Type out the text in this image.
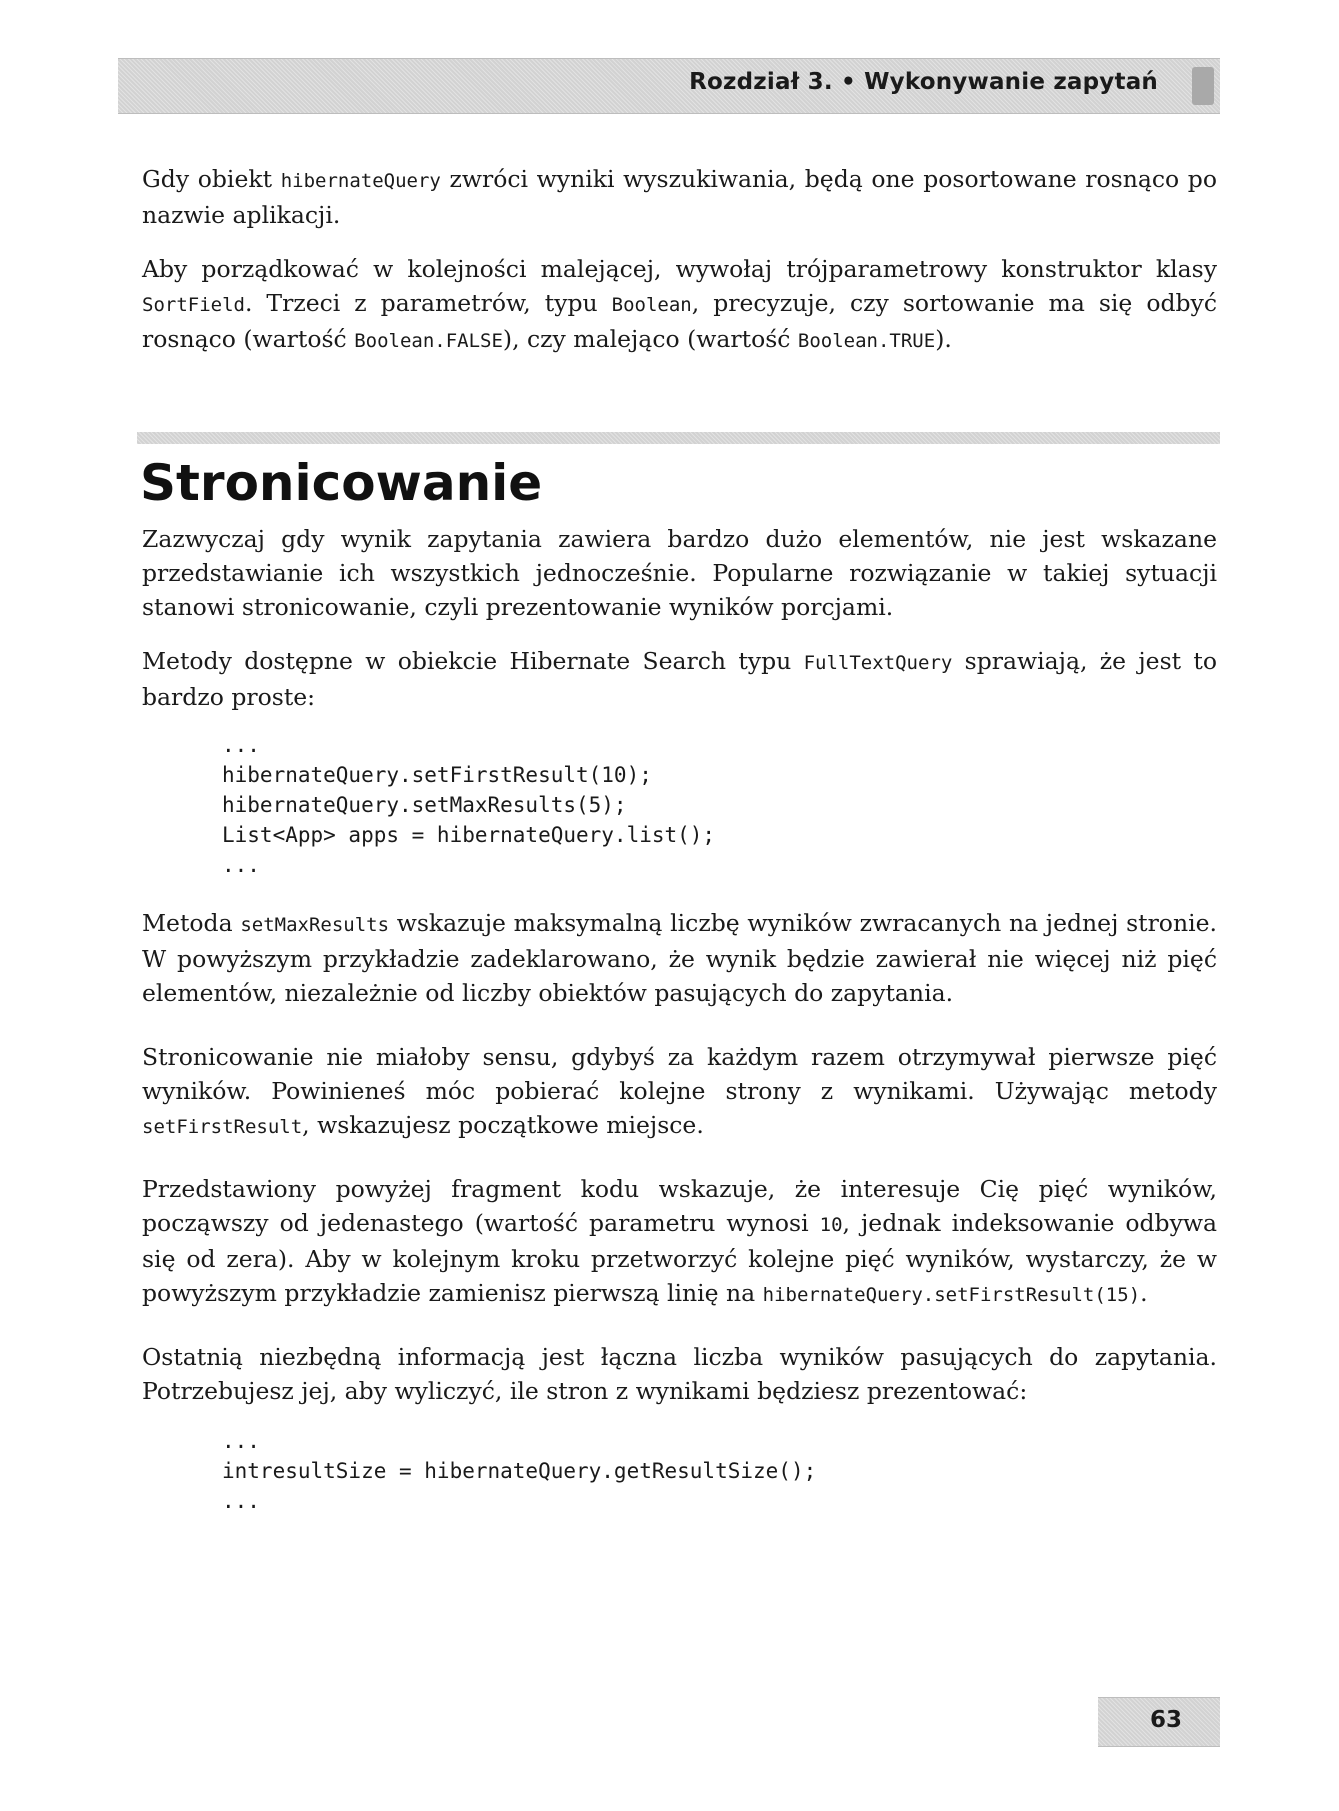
Rozdział 3. • Wykonywanie zapytań

Gdy obiekt hibernateQuery zwróci wyniki wyszukiwania, będą one posortowane rosnąco po nazwie aplikacji.

Aby porządkować w kolejności malejącej, wywołaj trójparametrowy konstruktor klasy SortField. Trzeci z parametrów, typu Boolean, precyzuje, czy sortowanie ma się odbyć rosnąco (wartość Boolean.FALSE), czy malejąco (wartość Boolean.TRUE).

Stronicowanie

Zazwyczaj gdy wynik zapytania zawiera bardzo dużo elementów, nie jest wskazane przedstawianie ich wszystkich jednocześnie. Popularne rozwiązanie w takiej sytuacji stanowi stronicowanie, czyli prezentowanie wyników porcjami.

Metody dostępne w obiekcie Hibernate Search typu FullTextQuery sprawiają, że jest to bardzo proste:

...
hibernateQuery.setFirstResult(10);
hibernateQuery.setMaxResults(5);
List<App> apps = hibernateQuery.list();
...

Metoda setMaxResults wskazuje maksymalną liczbę wyników zwracanych na jednej stronie. W powyższym przykładzie zadeklarowano, że wynik będzie zawierał nie więcej niż pięć elementów, niezależnie od liczby obiektów pasujących do zapytania.

Stronicowanie nie miałoby sensu, gdybyś za każdym razem otrzymywał pierwsze pięć wyników. Powinieneś móc pobierać kolejne strony z wynikami. Używając metody setFirstResult, wskazujesz początkowe miejsce.

Przedstawiony powyżej fragment kodu wskazuje, że interesuje Cię pięć wyników, począwszy od jedenastego (wartość parametru wynosi 10, jednak indeksowanie odbywa się od zera). Aby w kolejnym kroku przetworzyć kolejne pięć wyników, wystarczy, że w powyższym przykładzie zamienisz pierwszą linię na hibernateQuery.setFirstResult(15).

Ostatnią niezbędną informacją jest łączna liczba wyników pasujących do zapytania. Potrzebujesz jej, aby wyliczyć, ile stron z wynikami będziesz prezentować:

...
intresultSize = hibernateQuery.getResultSize();
...
63
